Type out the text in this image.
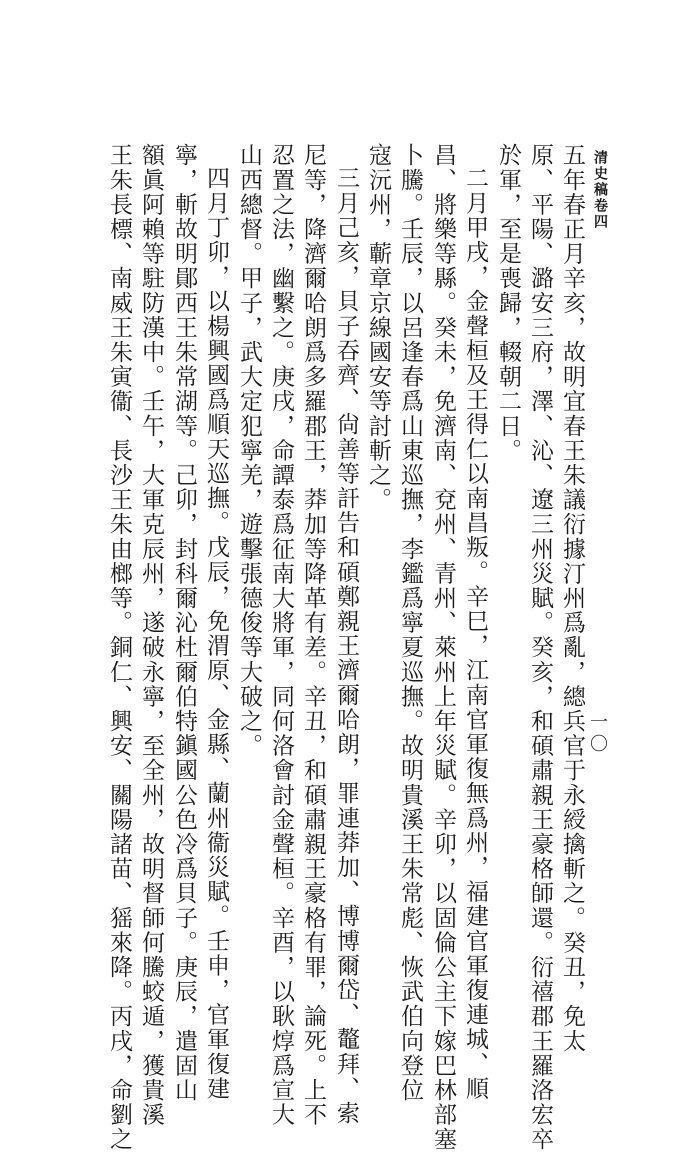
清史稿卷四
一〇
五年春正月辛亥，故明宜春王朱議衍據汀州爲亂，總兵官于永綬擒斬之。癸丑，免太
原、平陽、潞安三府，澤、沁、遼三州災賦。癸亥，和碩肅親王豪格師還。衍禧郡王羅洛宏卒
於軍，至是喪歸，輟朝二日。
二月甲戌，金聲桓及王得仁以南昌叛。辛巳，江南官軍復無爲州，福建官軍復連城、順
昌、將樂等縣。癸未，免濟南、兗州、青州、萊州上年災賦。辛卯，以固倫公主下嫁巴林部塞
卜騰。壬辰，以呂逢春爲山東巡撫，李鑑爲寧夏巡撫。故明貴溪王朱常彪、恢武伯向登位
寇沅州，蘄章京線國安等討斬之。
三月己亥，貝子吞齊、尙善等訐告和碩鄭親王濟爾哈朗，罪連莽加、博博爾岱、鼇拜、索
尼等，降濟爾哈朗爲多羅郡王，莽加等降革有差。辛丑，和碩肅親王豪格有罪，論死。上不
忍置之法，幽繫之。庚戌，命譚泰爲征南大將軍，同何洛會討金聲桓。辛酉，以耿焞爲宣大
山西總督。甲子，武大定犯寧羌，遊擊張德俊等大破之。
四月丁卯，以楊興國爲順天巡撫。戊辰，免渭原、金縣、蘭州衞災賦。壬申，官軍復建
寧，斬故明鄖西王朱常湖等。己卯，封科爾沁杜爾伯特鎭國公色冷爲貝子。庚辰，遣固山
額眞阿賴等駐防漢中。壬午，大軍克辰州，遂破永寧，至全州，故明督師何騰蛟遁，獲貴溪
王朱長標、南威王朱寅衞、長沙王朱由榔等。銅仁、興安、關陽諸苗、猺來降。丙戌，命劉之
